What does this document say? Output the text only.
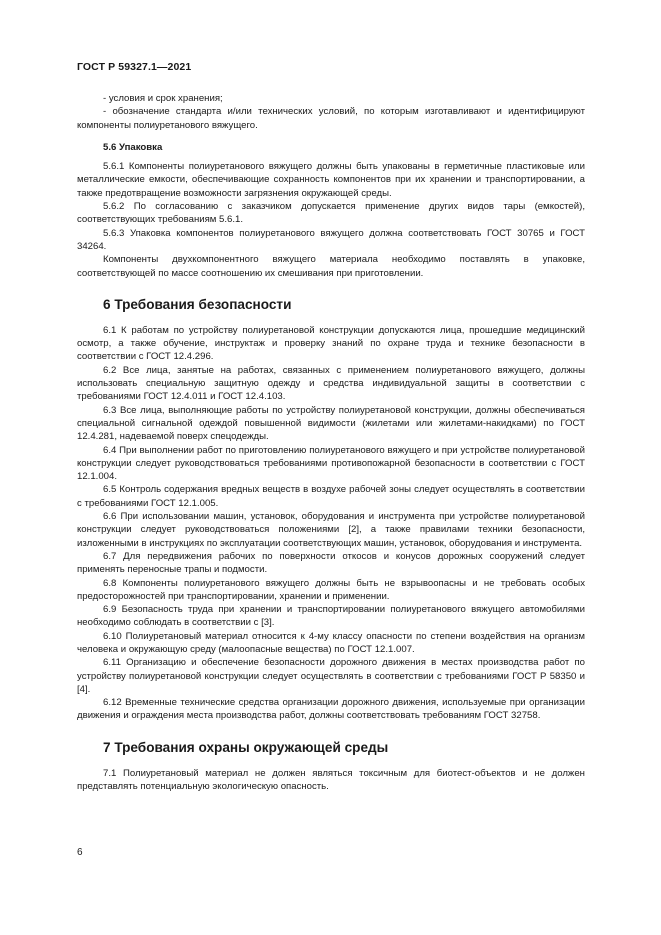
ГОСТ Р 59327.1—2021

- условия и срок хранения;

- обозначение стандарта и/или технических условий, по которым изготавливают и идентифицируют компоненты полиуретанового вяжущего.

5.6 Упаковка

5.6.1 Компоненты полиуретанового вяжущего должны быть упакованы в герметичные пластиковые или металлические емкости, обеспечивающие сохранность компонентов при их хранении и транспортировании, а также предотвращение возможности загрязнения окружающей среды.

5.6.2 По согласованию с заказчиком допускается применение других видов тары (емкостей), соответствующих требованиям 5.6.1.

5.6.3 Упаковка компонентов полиуретанового вяжущего должна соответствовать ГОСТ 30765 и ГОСТ 34264.

Компоненты двухкомпонентного вяжущего материала необходимо поставлять в упаковке, соответствующей по массе соотношению их смешивания при приготовлении.

6 Требования безопасности

6.1 К работам по устройству полиуретановой конструкции допускаются лица, прошедшие медицинский осмотр, а также обучение, инструктаж и проверку знаний по охране труда и технике безопасности в соответствии с ГОСТ 12.4.296.

6.2 Все лица, занятые на работах, связанных с применением полиуретанового вяжущего, должны использовать специальную защитную одежду и средства индивидуальной защиты в соответствии с требованиями ГОСТ 12.4.011 и ГОСТ 12.4.103.

6.3 Все лица, выполняющие работы по устройству полиуретановой конструкции, должны обеспечиваться специальной сигнальной одеждой повышенной видимости (жилетами или жилетами-накидками) по ГОСТ 12.4.281, надеваемой поверх спецодежды.

6.4 При выполнении работ по приготовлению полиуретанового вяжущего и при устройстве полиуретановой конструкции следует руководствоваться требованиями противопожарной безопасности в соответствии с ГОСТ 12.1.004.

6.5 Контроль содержания вредных веществ в воздухе рабочей зоны следует осуществлять в соответствии с требованиями ГОСТ 12.1.005.

6.6 При использовании машин, установок, оборудования и инструмента при устройстве полиуретановой конструкции следует руководствоваться положениями [2], а также правилами техники безопасности, изложенными в инструкциях по эксплуатации соответствующих машин, установок, оборудования и инструмента.

6.7 Для передвижения рабочих по поверхности откосов и конусов дорожных сооружений следует применять переносные трапы и подмости.

6.8 Компоненты полиуретанового вяжущего должны быть не взрывоопасны и не требовать особых предосторожностей при транспортировании, хранении и применении.

6.9 Безопасность труда при хранении и транспортировании полиуретанового вяжущего автомобилями необходимо соблюдать в соответствии с [3].

6.10 Полиуретановый материал относится к 4-му классу опасности по степени воздействия на организм человека и окружающую среду (малоопасные вещества) по ГОСТ 12.1.007.

6.11 Организацию и обеспечение безопасности дорожного движения в местах производства работ по устройству полиуретановой конструкции следует осуществлять в соответствии с требованиями ГОСТ Р 58350 и [4].

6.12 Временные технические средства организации дорожного движения, используемые при организации движения и ограждения места производства работ, должны соответствовать требованиям ГОСТ 32758.

7 Требования охраны окружающей среды

7.1 Полиуретановый материал не должен являться токсичным для биотест-объектов и не должен представлять потенциальную экологическую опасность.

6
